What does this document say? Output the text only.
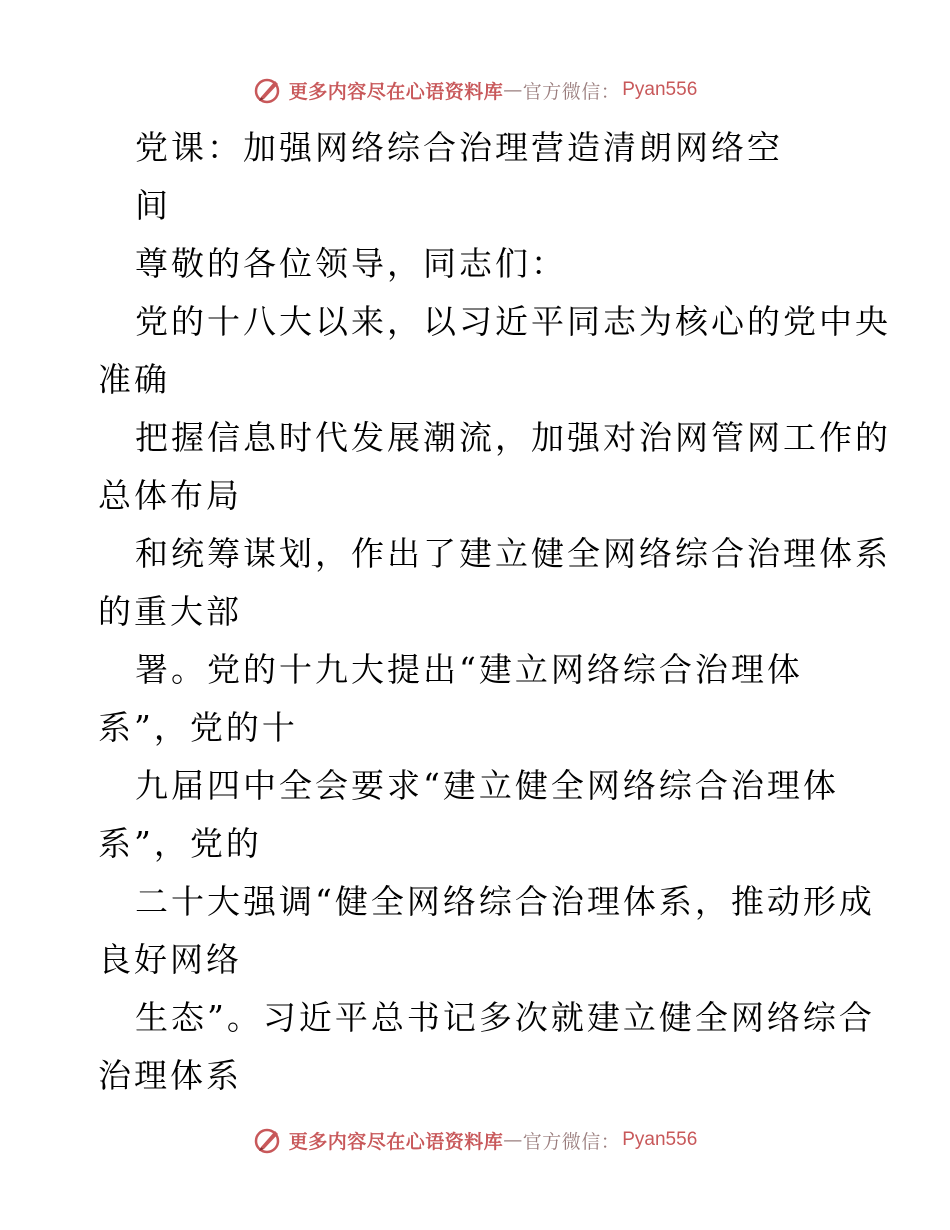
更多内容尽在心语资料库 — 官方微信： Pyan556
党课：加强网络综合治理营造清朗网络空
间
尊敬的各位领导，同志们：
党的十八大以来，以习近平同志为核心的党中央
准确
把握信息时代发展潮流，加强对治网管网工作的
总体布局
和统筹谋划，作出了建立健全网络综合治理体系
的重大部
署。党的十九大提出“建立网络综合治理体
系”，党的十
九届四中全会要求“建立健全网络综合治理体
系”，党的
二十大强调“健全网络综合治理体系，推动形成
良好网络
生态”。习近平总书记多次就建立健全网络综合
治理体系
更多内容尽在心语资料库 — 官方微信： Pyan556
